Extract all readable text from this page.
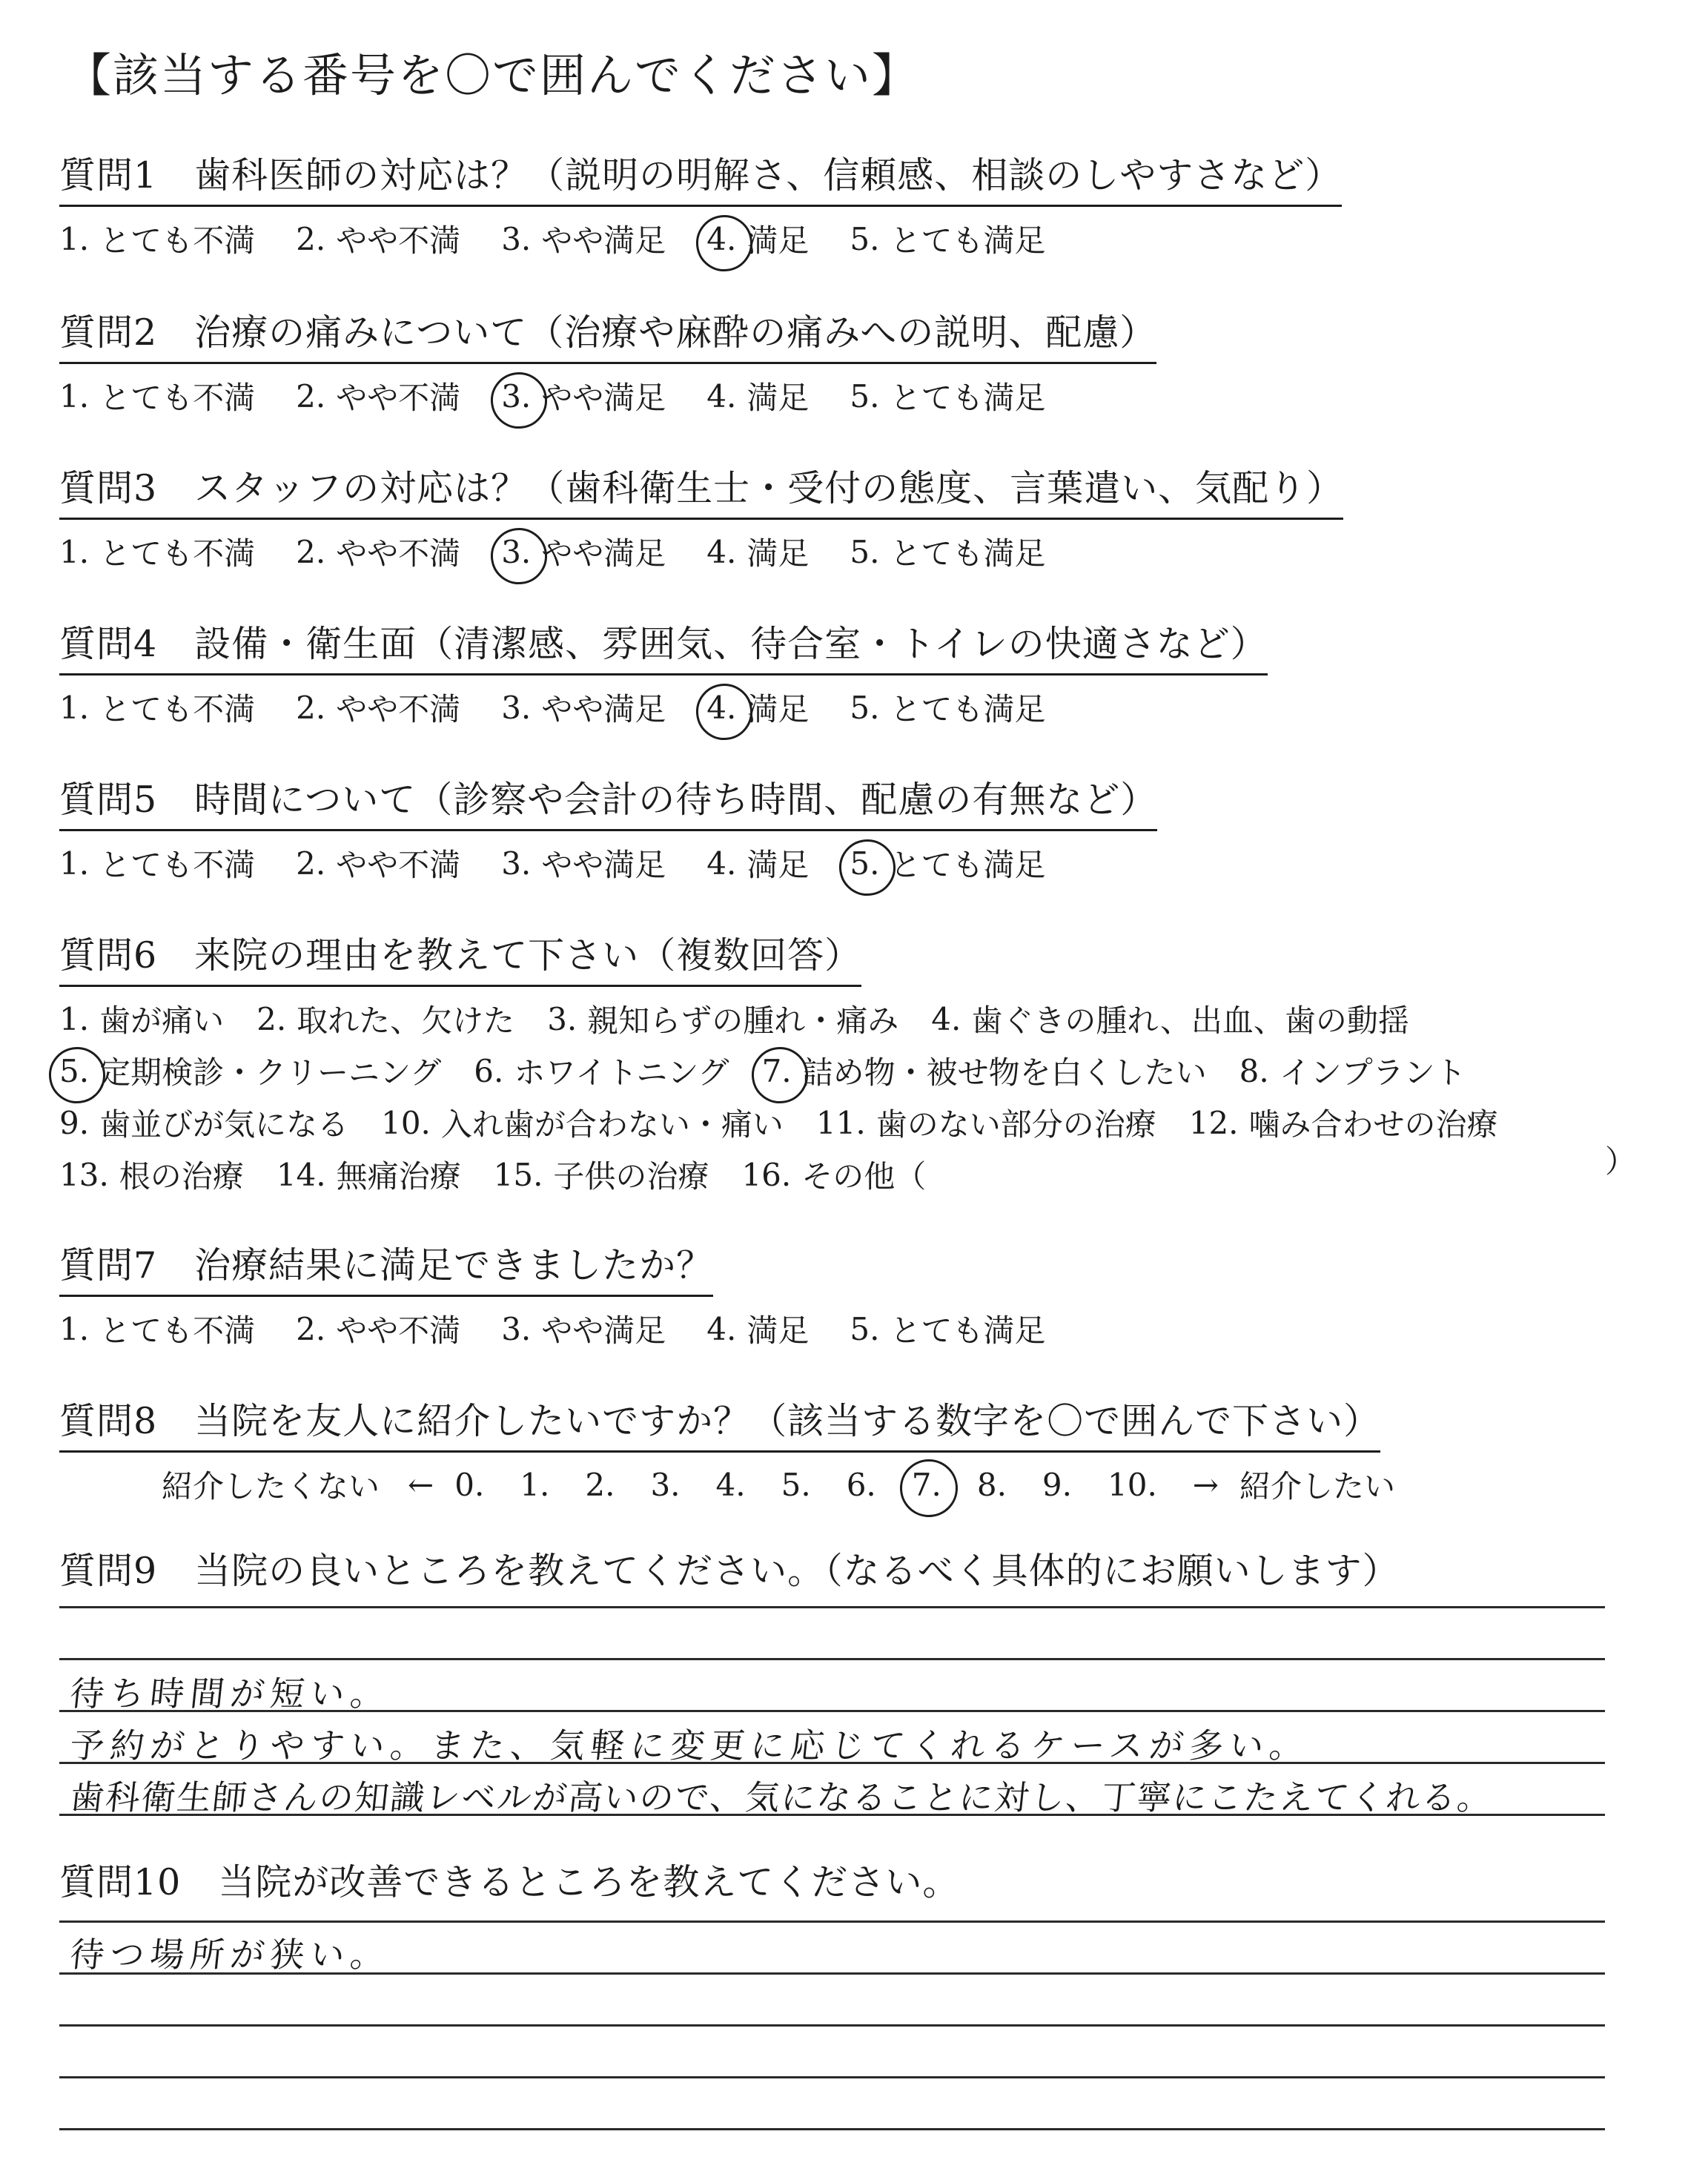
【該当する番号を〇で囲んでください】
質問1　歯科医師の対応は？（説明の明解さ、信頼感、相談のしやすさなど）
1. とても不満 2. やや不満 3. やや満足 4. 満足 5. とても満足
質問2　治療の痛みについて（治療や麻酔の痛みへの説明、配慮）
1. とても不満 2. やや不満 3. やや満足 4. 満足 5. とても満足
質問3　スタッフの対応は？（歯科衛生士・受付の態度、言葉遣い、気配り）
1. とても不満 2. やや不満 3. やや満足 4. 満足 5. とても満足
質問4　設備・衛生面（清潔感、雰囲気、待合室・トイレの快適さなど）
1. とても不満 2. やや不満 3. やや満足 4. 満足 5. とても満足
質問5　時間について（診察や会計の待ち時間、配慮の有無など）
1. とても不満 2. やや不満 3. やや満足 4. 満足 5. とても満足
質問6　来院の理由を教えて下さい（複数回答）
1. 歯が痛い 2. 取れた、欠けた 3. 親知らずの腫れ・痛み 4. 歯ぐきの腫れ、出血、歯の動揺
5. 定期検診・クリーニング 6. ホワイトニング 7. 詰め物・被せ物を白くしたい 8. インプラント
9. 歯並びが気になる 10. 入れ歯が合わない・痛い 11. 歯のない部分の治療 12. 噛み合わせの治療
13. 根の治療 14. 無痛治療 15. 子供の治療 16. その他（	）
質問7　治療結果に満足できましたか？
1. とても不満 2. やや不満 3. やや満足 4. 満足 5. とても満足
質問8　当院を友人に紹介したいですか？（該当する数字を〇で囲んで下さい）
紹介したくない ← 0. 1. 2. 3. 4. 5. 6. 7. 8. 9. 10. → 紹介したい
質問9　当院の良いところを教えてください。（なるべく具体的にお願いします）
待ち時間が短い。
予約がとりやすい。また、気軽に変更に応じてくれるケースが多い。
歯科衛生師さんの知識レベルが高いので、気になることに対し、丁寧にこたえてくれる。
質問10　当院が改善できるところを教えてください。
待つ場所が狭い。
